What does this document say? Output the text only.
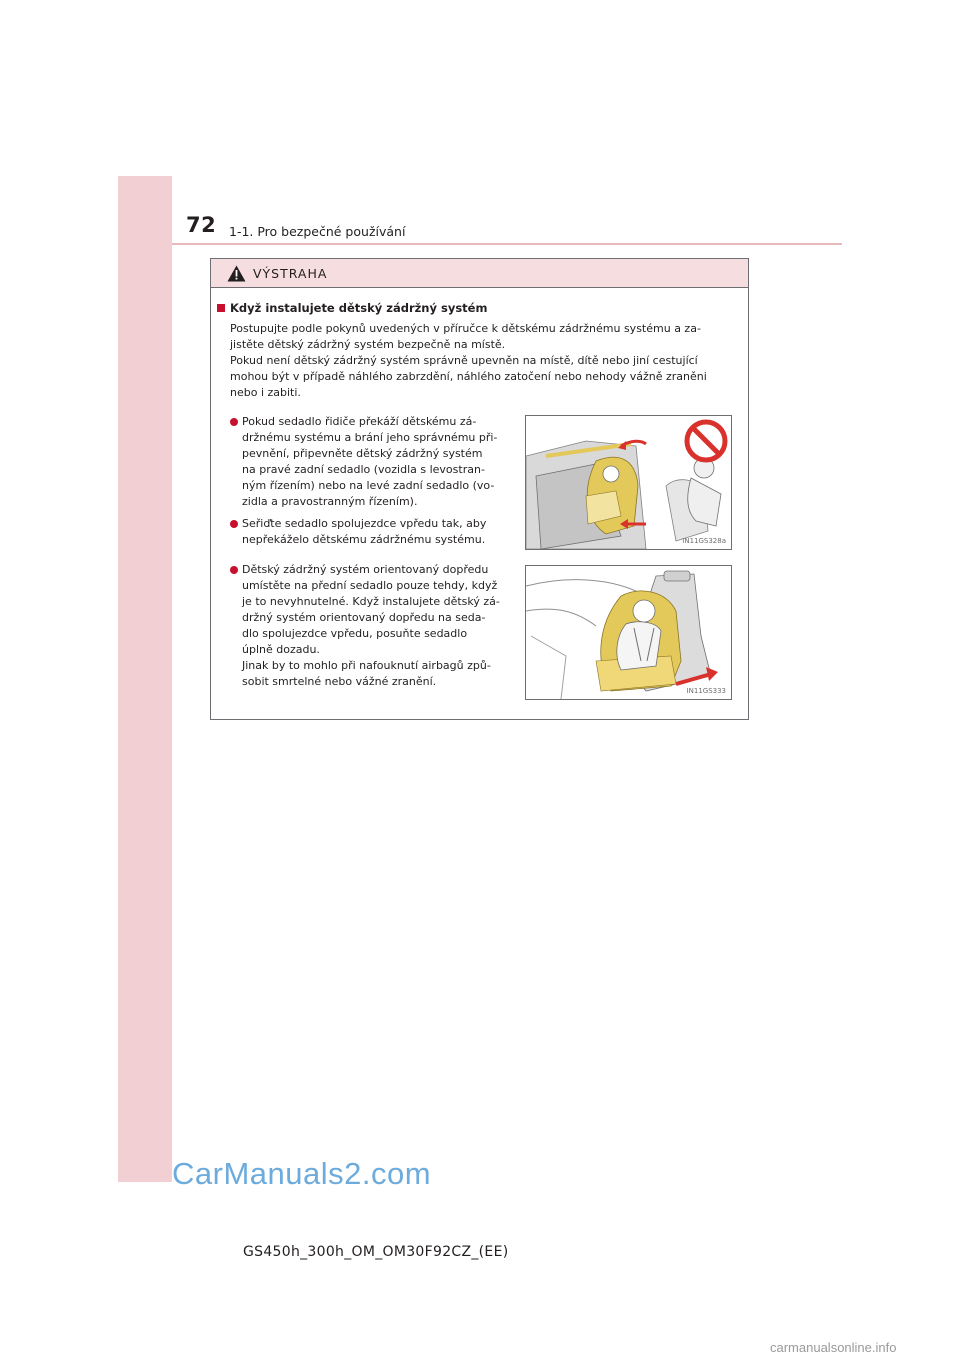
72 1-1. Pro bezpečné používání
VÝSTRAHA
Když instalujete dětský zádržný systém

Postupujte podle pokynů uvedených v příručce k dětskému zádržnému systému a za-

jistěte dětský zádržný systém bezpečně na místě.

Pokud není dětský zádržný systém správně upevněn na místě, dítě nebo jiní cestující

mohou být v případě náhlého zabrzdění, náhlého zatočení nebo nehody vážně zraněni

nebo i zabiti.

Pokud sedadlo řidiče překáží dětskému zá-
držnému systému a brání jeho správnému při-
pevnění, připevněte dětský zádržný systém
na pravé zadní sedadlo (vozidla s levostran-
ným řízením) nebo na levé zadní sedadlo (vo-
zidla a pravostranným řízením).
Seřiďte sedadlo spolujezdce vpředu tak, aby
nepřekáželo dětskému zádržnému systému.
Dětský zádržný systém orientovaný dopředu
umístěte na přední sedadlo pouze tehdy, když
je to nevyhnutelné. Když instalujete dětský zá-
držný systém orientovaný dopředu na seda-
dlo spolujezdce vpředu, posuňte sedadlo
úplně dozadu.
Jinak by to mohlo při nafouknutí airbagů způ-
sobit smrtelné nebo vážné zranění.
IN11GS328a
IN11GS333
CarManuals2.com
GS450h_300h_OM_OM30F92CZ_(EE)
carmanualsonline.info
